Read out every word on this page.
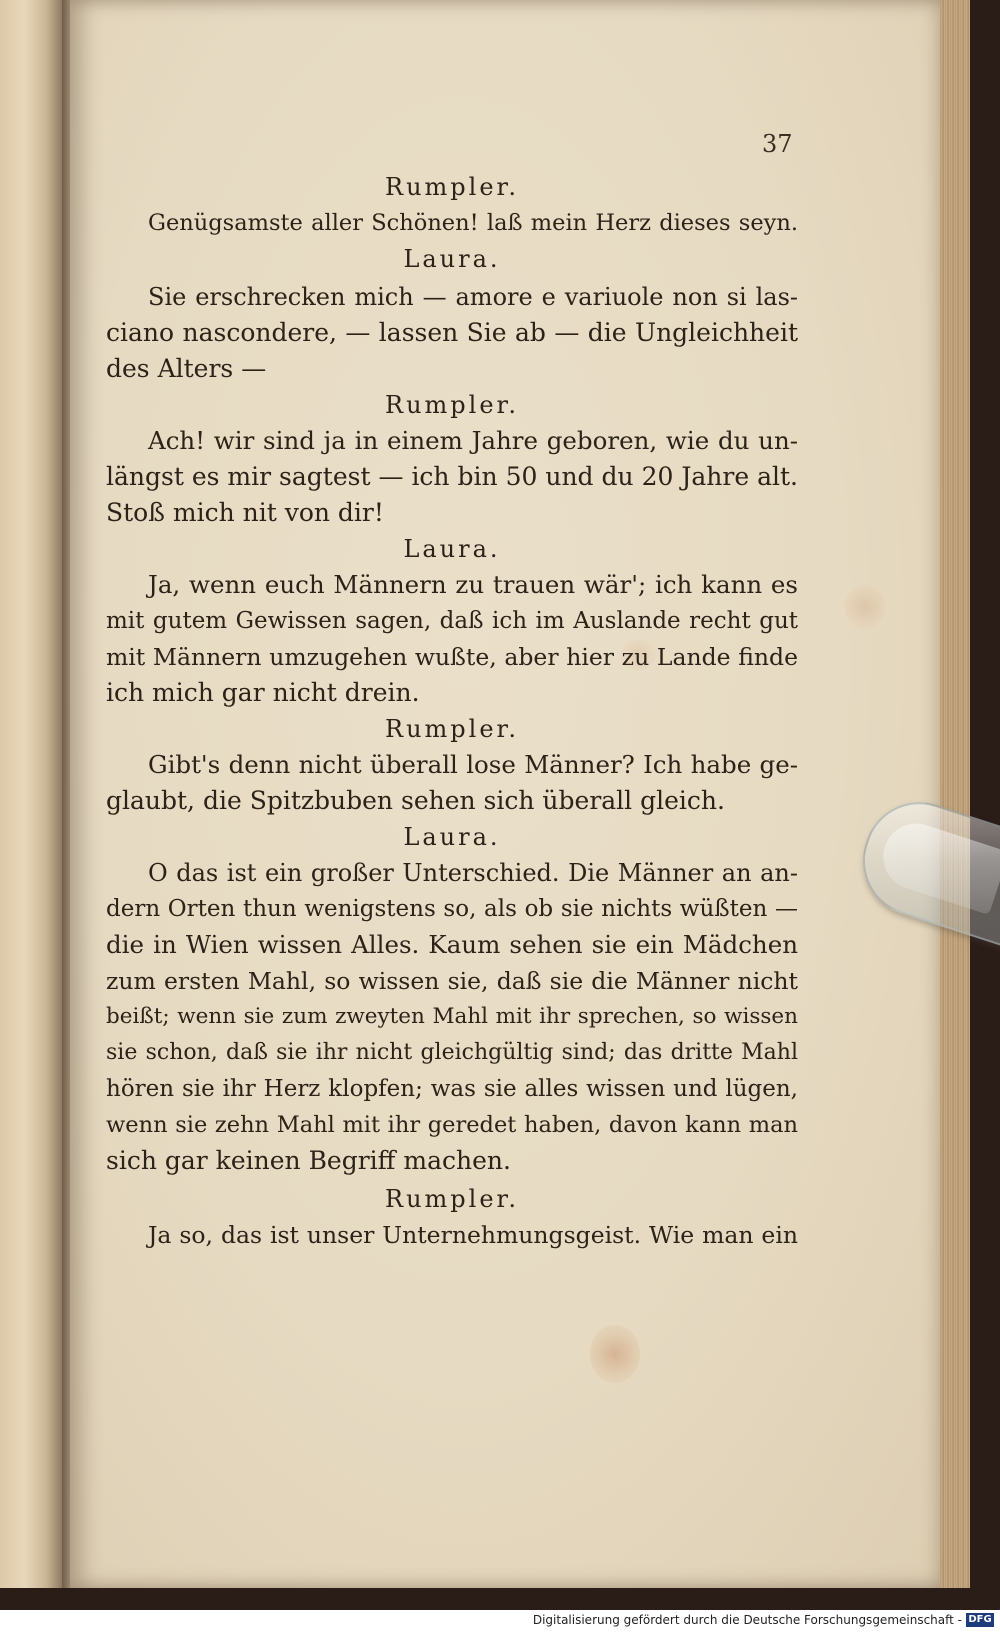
37
Rumpler.
Genügsamste aller Schönen! laß mein Herz dieses seyn.
Laura.
Sie erschrecken mich — amore e variuole non si las-
ciano nascondere, — lassen Sie ab — die Ungleichheit
des Alters —
Rumpler.
Ach! wir sind ja in einem Jahre geboren, wie du un-
längst es mir sagtest — ich bin 50 und du 20 Jahre alt.
Stoß mich nit von dir!
Laura.
Ja, wenn euch Männern zu trauen wär'; ich kann es
mit gutem Gewissen sagen, daß ich im Auslande recht gut
mit Männern umzugehen wußte, aber hier zu Lande finde
ich mich gar nicht drein.
Rumpler.
Gibt's denn nicht überall lose Männer? Ich habe ge-
glaubt, die Spitzbuben sehen sich überall gleich.
Laura.
O das ist ein großer Unterschied. Die Männer an an-
dern Orten thun wenigstens so, als ob sie nichts wüßten —
die in Wien wissen Alles. Kaum sehen sie ein Mädchen
zum ersten Mahl, so wissen sie, daß sie die Männer nicht
beißt; wenn sie zum zweyten Mahl mit ihr sprechen, so wissen
sie schon, daß sie ihr nicht gleichgültig sind; das dritte Mahl
hören sie ihr Herz klopfen; was sie alles wissen und lügen,
wenn sie zehn Mahl mit ihr geredet haben, davon kann man
sich gar keinen Begriff machen.
Rumpler.
Ja so, das ist unser Unternehmungsgeist. Wie man ein
Digitalisierung gefördert durch die Deutsche Forschungsgemeinschaft - DFG
